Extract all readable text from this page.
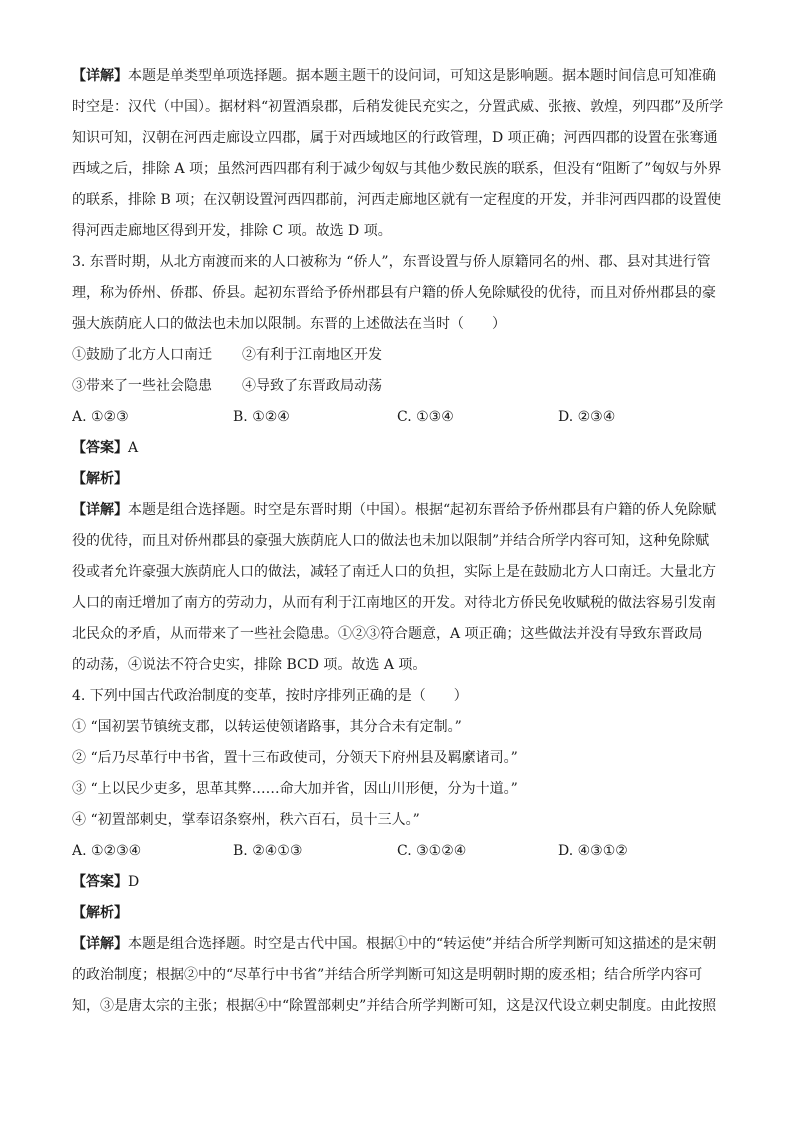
【详解】本题是单类型单项选择题。据本题主题干的设问词，可知这是影响题。据本题时间信息可知准确
时空是：汉代（中国）。据材料“初置酒泉郡，后稍发徙民充实之，分置武威、张掖、敦煌，列四郡”及所学
知识可知，汉朝在河西走廊设立四郡，属于对西域地区的行政管理，D 项正确；河西四郡的设置在张骞通
西域之后，排除 A 项；虽然河西四郡有利于减少匈奴与其他少数民族的联系，但没有“阻断了”匈奴与外界
的联系，排除 B 项；在汉朝设置河西四郡前，河西走廊地区就有一定程度的开发，并非河西四郡的设置使
得河西走廊地区得到开发，排除 C 项。故选 D 项。
3. 东晋时期，从北方南渡而来的人口被称为 “侨人”，东晋设置与侨人原籍同名的州、郡、县对其进行管
理，称为侨州、侨郡、侨县。起初东晋给予侨州郡县有户籍的侨人免除赋役的优待，而且对侨州郡县的豪
强大族荫庇人口的做法也未加以限制。东晋的上述做法在当时（　　）
①鼓励了北方人口南迁 ②有利于江南地区开发
③带来了一些社会隐患 ④导致了东晋政局动荡
A. ①②③	B. ①②④	C. ①③④	D. ②③④
【答案】A
【解析】
【详解】本题是组合选择题。时空是东晋时期（中国）。根据“起初东晋给予侨州郡县有户籍的侨人免除赋
役的优待，而且对侨州郡县的豪强大族荫庇人口的做法也未加以限制”并结合所学内容可知，这种免除赋
役或者允许豪强大族荫庇人口的做法，减轻了南迁人口的负担，实际上是在鼓励北方人口南迁。大量北方
人口的南迁增加了南方的劳动力，从而有利于江南地区的开发。对待北方侨民免收赋税的做法容易引发南
北民众的矛盾，从而带来了一些社会隐患。①②③符合题意，A 项正确；这些做法并没有导致东晋政局
的动荡，④说法不符合史实，排除 BCD 项。故选 A 项。
4. 下列中国古代政治制度的变革，按时序排列正确的是（　　）
① “国初罢节镇统支郡，以转运使领诸路事，其分合未有定制。”
② “后乃尽革行中书省，置十三布政使司，分领天下府州县及羁縻诸司。”
③ “上以民少吏多，思革其弊……命大加并省，因山川形便，分为十道。”
④ “初置部刺史，掌奉诏条察州，秩六百石，员十三人。”
A. ①②③④	B. ②④①③	C. ③①②④	D. ④③①②
【答案】D
【解析】
【详解】本题是组合选择题。时空是古代中国。根据①中的“转运使”并结合所学判断可知这描述的是宋朝
的政治制度；根据②中的“尽革行中书省”并结合所学判断可知这是明朝时期的废丞相；结合所学内容可
知，③是唐太宗的主张；根据④中“除置部刺史”并结合所学判断可知，这是汉代设立刺史制度。由此按照
